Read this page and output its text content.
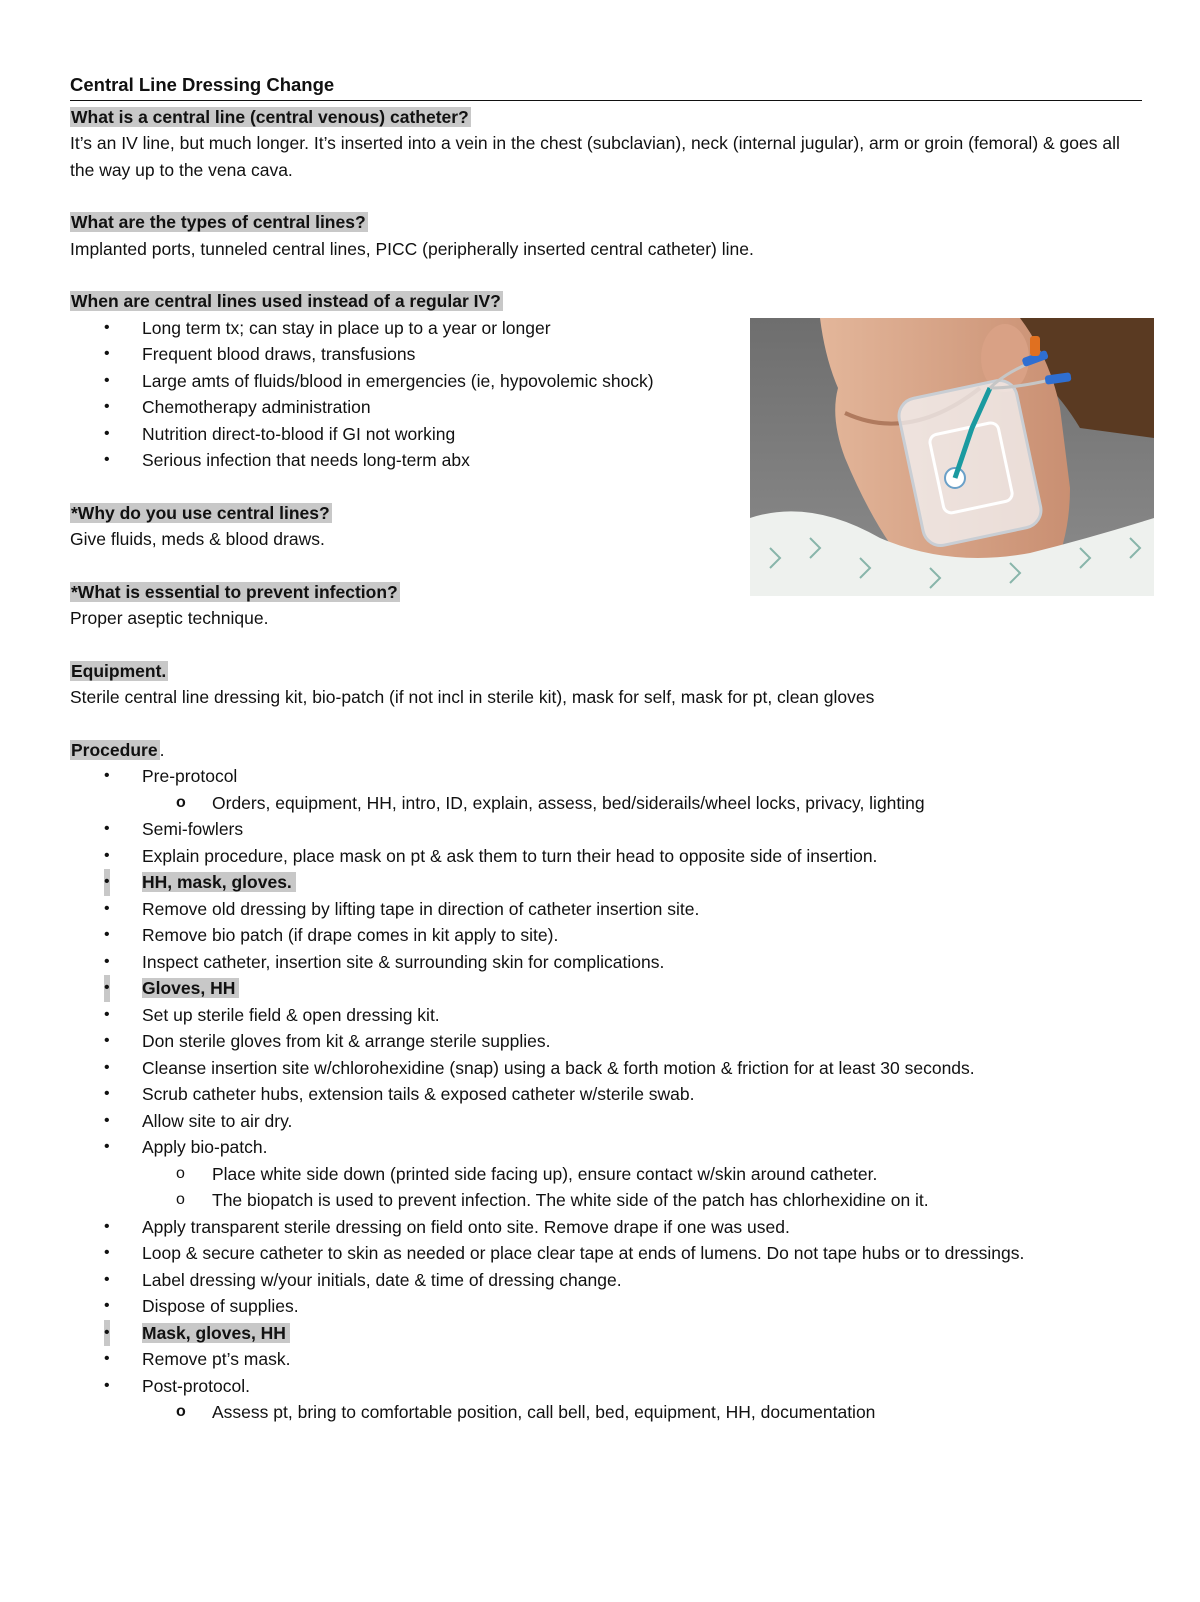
Central Line Dressing Change
What is a central line (central venous) catheter?
It’s an IV line, but much longer. It’s inserted into a vein in the chest (subclavian), neck (internal jugular), arm or groin (femoral) & goes all the way up to the vena cava.
What are the types of central lines?
Implanted ports, tunneled central lines, PICC (peripherally inserted central catheter) line.
When are central lines used instead of a regular IV?
• Long term tx; can stay in place up to a year or longer
• Frequent blood draws, transfusions
• Large amts of fluids/blood in emergencies (ie, hypovolemic shock)
• Chemotherapy administration
• Nutrition direct-to-blood if GI not working
• Serious infection that needs long-term abx
*Why do you use central lines?
Give fluids, meds & blood draws.
*What is essential to prevent infection?
Proper aseptic technique.
Equipment.
Sterile central line dressing kit, bio-patch (if not incl in sterile kit), mask for self, mask for pt, clean gloves
Procedure .
• Pre-protocol
o Orders, equipment, HH, intro, ID, explain, assess, bed/siderails/wheel locks, privacy, lighting
• Semi-fowlers
• Explain procedure, place mask on pt & ask them to turn their head to opposite side of insertion.
• HH, mask, gloves.
• Remove old dressing by lifting tape in direction of catheter insertion site.
• Remove bio patch (if drape comes in kit apply to site).
• Inspect catheter, insertion site & surrounding skin for complications.
• Gloves, HH
• Set up sterile field & open dressing kit.
• Don sterile gloves from kit & arrange sterile supplies.
• Cleanse insertion site w/chlorohexidine (snap) using a back & forth motion & friction for at least 30 seconds.
• Scrub catheter hubs, extension tails & exposed catheter w/sterile swab.
• Allow site to air dry.
• Apply bio-patch.
o Place white side down (printed side facing up), ensure contact w/skin around catheter.
o The biopatch is used to prevent infection. The white side of the patch has chlorhexidine on it.
• Apply transparent sterile dressing on field onto site. Remove drape if one was used.
• Loop & secure catheter to skin as needed or place clear tape at ends of lumens. Do not tape hubs or to dressings.
• Label dressing w/your initials, date & time of dressing change.
• Dispose of supplies.
• Mask, gloves, HH
• Remove pt’s mask.
• Post-protocol.
o Assess pt, bring to comfortable position, call bell, bed, equipment, HH, documentation
